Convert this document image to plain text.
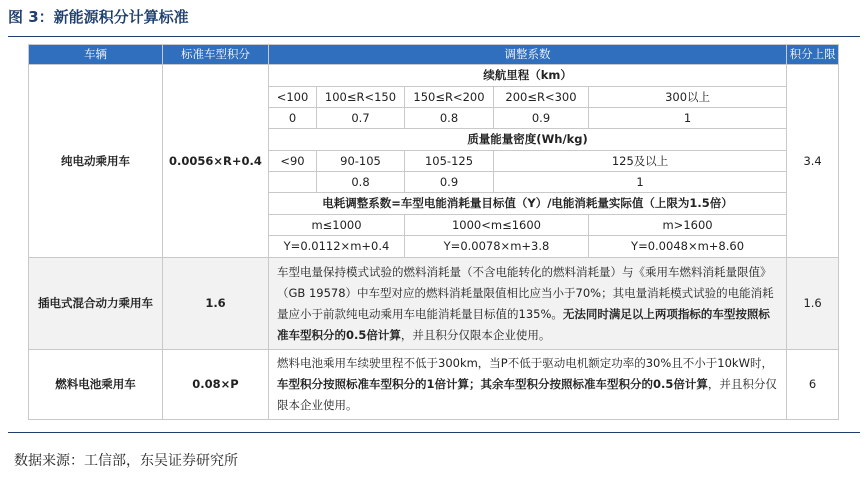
图 3：新能源积分计算标准
车辆	标准车型积分	调整系数					积分上限
纯电动乘用车	0.0056×R+0.4	续航里程（km）					3.4
		<100	100≤R<150	150≤R<200	200≤R<300	300以上	
		0	0.7	0.8	0.9	1	
		质量能量密度(Wh/kg)					
		<90	90-105	105-125	125及以上		
			0.8	0.9	1		
		电耗调整系数=车型电能消耗量目标值（Y）/电能消耗量实际值（上限为1.5倍）					
		m≤1000		1000<m≤1600		m>1600	
		Y=0.0112×m+0.4		Y=0.0078×m+3.8		Y=0.0048×m+8.60	
插电式混合动力乘用车	1.6	车型电量保持模式试验的燃料消耗量（不含电能转化的燃料消耗量）与《乘用车燃料消耗量限值》（GB 19578）中车型对应的燃料消耗量限值相比应当小于70%；其电量消耗模式试验的电能消耗量应小于前款纯电动乘用车电能消耗量目标值的135%。无法同时满足以上两项指标的车型按照标准车型积分的0.5倍计算，并且积分仅限本企业使用。					1.6
燃料电池乘用车	0.08×P	燃料电池乘用车续驶里程不低于300km，当P不低于驱动电机额定功率的30%且不小于10kW时，车型积分按照标准车型积分的1倍计算；其余车型积分按照标准车型积分的0.5倍计算，并且积分仅限本企业使用。					6
数据来源：工信部，东吴证券研究所
